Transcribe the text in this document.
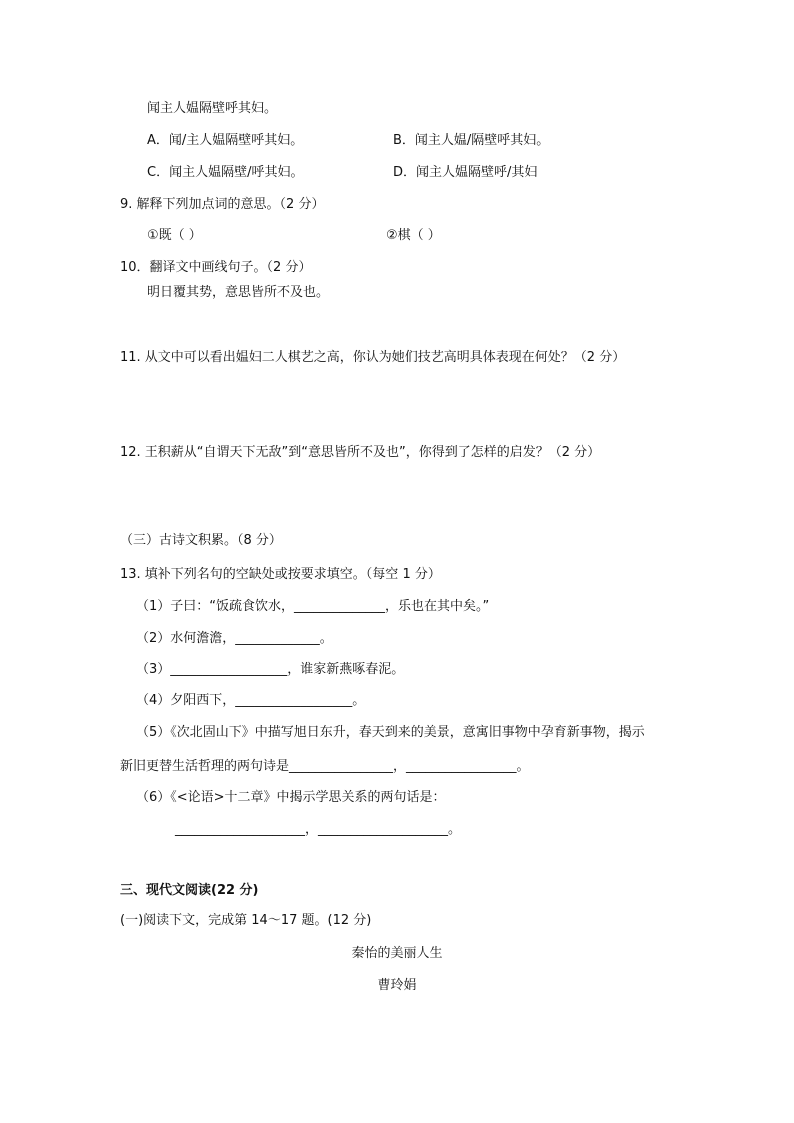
闻主人媪隔壁呼其妇。
A．闻/主人媪隔壁呼其妇。	B．闻主人媪/隔壁呼其妇。
C．闻主人媪隔壁/呼其妇。	D．闻主人媪隔壁呼/其妇
9. 解释下列加点词的意思。（2 分）
①既（ ）	②棋（ ）
10．翻译文中画线句子。（2 分）
明日覆其势，意思皆所不及也。
11. 从文中可以看出媪妇二人棋艺之高，你认为她们技艺高明具体表现在何处？（2 分）
12. 王积薪从“自谓天下无敌”到“意思皆所不及也”，你得到了怎样的启发？（2 分）
（三）古诗文积累。（8 分）
13. 填补下列名句的空缺处或按要求填空。（每空 1 分）
（1）子曰：“饭疏食饮水，______________，乐也在其中矣。”
（2）水何澹澹，_____________。
（3）__________________，谁家新燕啄春泥。
（4）夕阳西下，__________________。
（5）《次北固山下》中描写旭日东升，春天到来的美景，意寓旧事物中孕育新事物，揭示
新旧更替生活哲理的两句诗是________________，_________________。
（6）《<论语>十二章》中揭示学思关系的两句话是：
____________________，____________________。
三、现代文阅读(22 分)
(一)阅读下文，完成第 14～17 题。(12 分)
秦怡的美丽人生
曹玲娟
